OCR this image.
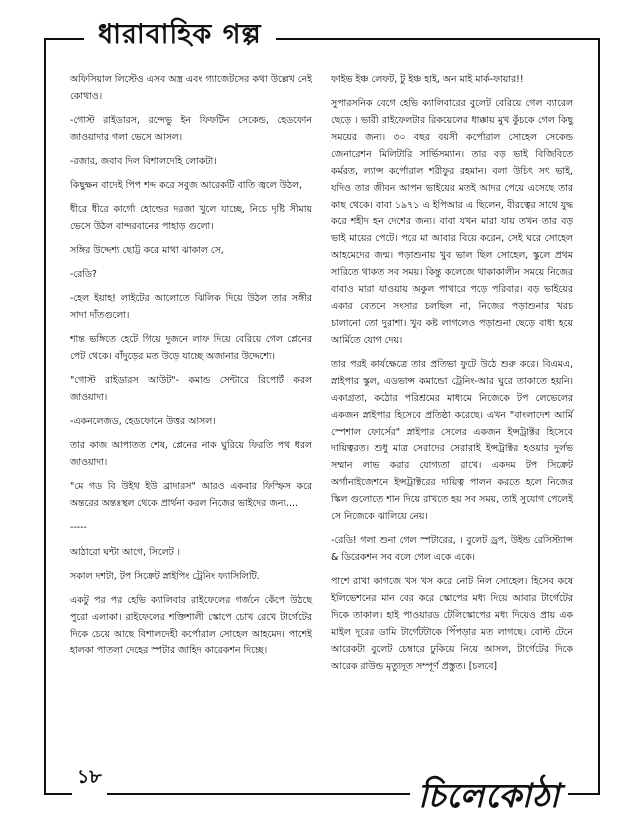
ধারাবাহিক গল্প

অফিসিয়াল লিস্টেও এসব অস্ত্র এবং গ্যাজেটসের কথা উল্লেখ নেই কোথাও।

-গোস্ট রাইডারস, রন্দেভু ইন ফিফটিন সেকেন্ড, হেডফোন জাওয়াদার গলা ভেসে আসল।

-রজার, জবাব দিল বিশালদেহি লোকটা।

কিছুক্ষন বাদেই পিপ শব্দ করে সবুজ আরেকটি বাতি জ্বলে উঠল,

ধীরে ধীরে কার্গো হোল্ডের দরজা খুলে যাচ্ছে, নিচে দৃষ্টি সীমায় ভেসে উঠল বান্দরবানের পাহাড় গুলো।

সঙ্গির উদ্দেশ্য ছোট্ট করে মাথা ঝাকাল সে,

-রেডি?

-হেল ইয়াহ! লাইটের আলোতে ঝিলিক দিয়ে উঠল তার সঙ্গীর সাদা দাঁতগুলো।

শান্ত ভঙ্গিতে হেটে গিয়ে দুজনে লাফ দিয়ে বেরিয়ে গেল প্লেনের পেট থেকে। বাঁদুড়ের মত উড়ে যাচ্ছে অজানার উদ্দেশ্যে।

"গোস্ট রাইডারস আউট"- কমান্ড সেন্টারে রিপোর্ট করল জাওয়াদা।

-একনলেজড, হেডফোনে উত্তর আসল।

তার কাজ আপাতত শেষ, প্লেনের নাক ঘুরিয়ে ফিরতি পথ ধরল জাওয়াদা।

"মে গড বি উইথ ইউ ব্রাদারস" আরও একবার ফিস্ফিস করে অন্তরের অন্তঃস্থল থেকে প্রার্থনা করল নিজের ভাইদের জন্য....

-----

আঠারো ঘন্টা আগে, সিলেট ।

সকাল দশটা, টপ সিক্রেট স্নাইপিং ট্রেনিং ফ্যাসিলিটি.

একটু পর পর হেভি ক্যালিবার রাইফেলের গর্জনে কেঁপে উঠছে পুরো এলাকা। রাইফেলের শক্তিশালী স্কোপে চোখ রেখে টার্গেটের দিকে চেয়ে আছে বিশালদেহী কর্পোরাল সোহেল আহমেদ। পাশেই হালকা পাতলা দেহের স্পটার জাহিদ কারেকশন দিচ্ছে।

ফাইভ ইঞ্চ লেফট, টু ইঞ্চ হাই, অন মাই মার্ক-ফায়ার!!

সুপারসনিক বেগে হেভি ক্যালিবারের বুলেট বেরিয়ে গেল ব্যারেল ছেড়ে । ভারী রাইফেলটার রিকয়েলের ধাক্কায় মুখ কুঁচকে গেল কিছু সময়ের জন্য। ৩০ বছর বয়সী কর্পোরাল সোহেল সেকেন্ড জেনারেশন মিলিটারি সার্ভিসম্যান। তার বড় ভাই বিজিবিতে কর্মরত, ল্যান্স কর্পোরাল শরীফুর রহমান। বলা উচিৎ সৎ ভাই, যদিও তার জীবন আপন ভাইয়ের মতই আদর পেয়ে এসেছে তার কাছ থেকে। বাবা ১৯৭১ এ ইপিআর এ ছিলেন, বীরত্বের সাথে যুদ্ধ করে শহীদ হন দেশের জন্য। বাবা যখন মারা যায় তখন তার বড় ভাই মায়ের পেটে। পরে মা আবার বিয়ে করেন, সেই ঘরে সোহেল আহমেদের জন্ম। পড়াশুনায় খুব ভাল ছিল সোহেল, স্কুলে প্রথম সারিতে থাকত সব সময়। কিন্তু কলেজে থাকাকালীন সময়ে নিজের বাবাও মারা যাওয়ায় অকুল পাথারে পড়ে পরিবার। বড় ভাইয়ের একার বেতনে সংসার চলছিল না, নিজের পড়াশুনার খরচ চালানো তো দুরাশা। খুব কষ্ট লাগলেও পড়াশুনা ছেড়ে বাধ্য হয়ে আর্মিতে যোগ দেয়।

তার পরই কার্যক্ষেত্রে তার প্রতিভা ফুটে উঠে শুরু করে। বিএমএ, স্নাইপার স্কুল, এডভান্স কমান্ডো ট্রেনিং-আর ঘুরে তাকাতে হয়নি। একাগ্রতা, কঠোর পরিশ্রমের মাধ্যমে নিজেকে টপ লেভেলের একজন স্নাইপার হিসেবে প্রতিষ্ঠা করেছে। এখন "বাংলাদেশ আর্মি স্পেশাল ফোর্সের" স্নাইপার সেলের একজন ইন্সট্রাক্টর হিসেবে দায়িত্বরত। শুধু মাত্র সেরাদের সেরারাই ইন্সট্রাক্টর হওয়ার দুর্লভ সম্মান লাভ করার যোগ্যতা রাখে। একদম টপ সিক্রেট অর্গানাইজেশনে ইন্সট্রাক্টরের দায়িত্ব পালন করতে হলে নিজের স্কিল গুলোতে শান দিয়ে রাখতে হয় সব সময়, তাই সুযোগ পেলেই সে নিজেকে ঝালিয়ে নেয়।

-রেডি! গলা শুনা গেল স্পটারের, । বুলেট ড্রপ, উইন্ড রেসিস্ট্যান্স & ডিরেকশন সব বলে গেল একে একে।

পাশে রাখা কাগজে খস খস করে নোট নিল সোহেল। হিসেব কষে ইলিভেশনের মান বের করে স্কোপের মধ্য দিয়ে আবার টার্গেটের দিকে তাকাল। হাই পাওয়ারড টেলিস্কোপের মধ্য দিয়েও প্রায় এক মাইল দূরের ডামি টার্গেটটাকে পিঁপড়ার মত লাগছে। বোল্ট টেনে আরেকটা বুলেট চেম্বারে ঢুকিয়ে নিয়ে আসল, টার্গেটের দিকে আরেক রাউন্ড মৃত্যুদূত সম্পূর্ণ প্রস্তুত। [চলবে]

১৮	চিলেকোঠা
